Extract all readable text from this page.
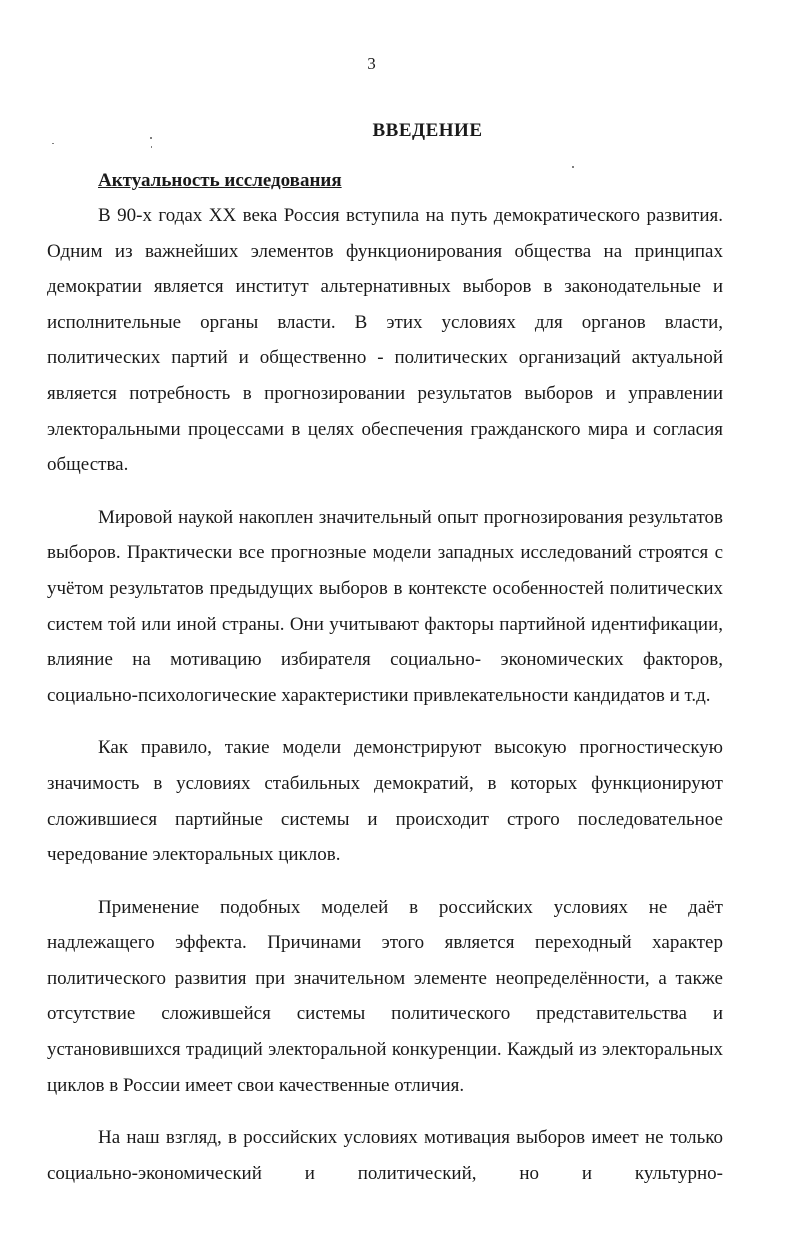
3
ВВЕДЕНИЕ
Актуальность исследования

В 90-х годах XX века Россия вступила на путь демократического развития. Одним из важнейших элементов функционирования общества на принципах демократии является институт альтернативных выборов в законодательные и исполнительные органы власти. В этих условиях для органов власти, политических партий и общественно - политических организаций актуальной является потребность в прогнозировании результатов выборов и управлении электоральными процессами в целях обеспечения гражданского мира и согласия общества.

Мировой наукой накоплен значительный опыт прогнозирования результатов выборов. Практически все прогнозные модели западных исследований строятся с учётом результатов предыдущих выборов в контексте особенностей политических систем той или иной страны. Они учитывают факторы партийной идентификации, влияние на мотивацию избирателя социально- экономических факторов, социально-психологические характеристики привлекательности кандидатов и т.д.

Как правило, такие модели демонстрируют высокую прогностическую значимость в условиях стабильных демократий, в которых функционируют сложившиеся партийные системы и происходит строго последовательное чередование электоральных циклов.

Применение подобных моделей в российских условиях не даёт надлежащего эффекта. Причинами этого является переходный характер политического развития при значительном элементе неопределённости, а также отсутствие сложившейся системы политического представительства и установившихся традиций электоральной конкуренции. Каждый из электоральных циклов в России имеет свои качественные отличия.

На наш взгляд, в российских условиях мотивация выборов имеет не только социально-экономический и политический, но и культурно-
